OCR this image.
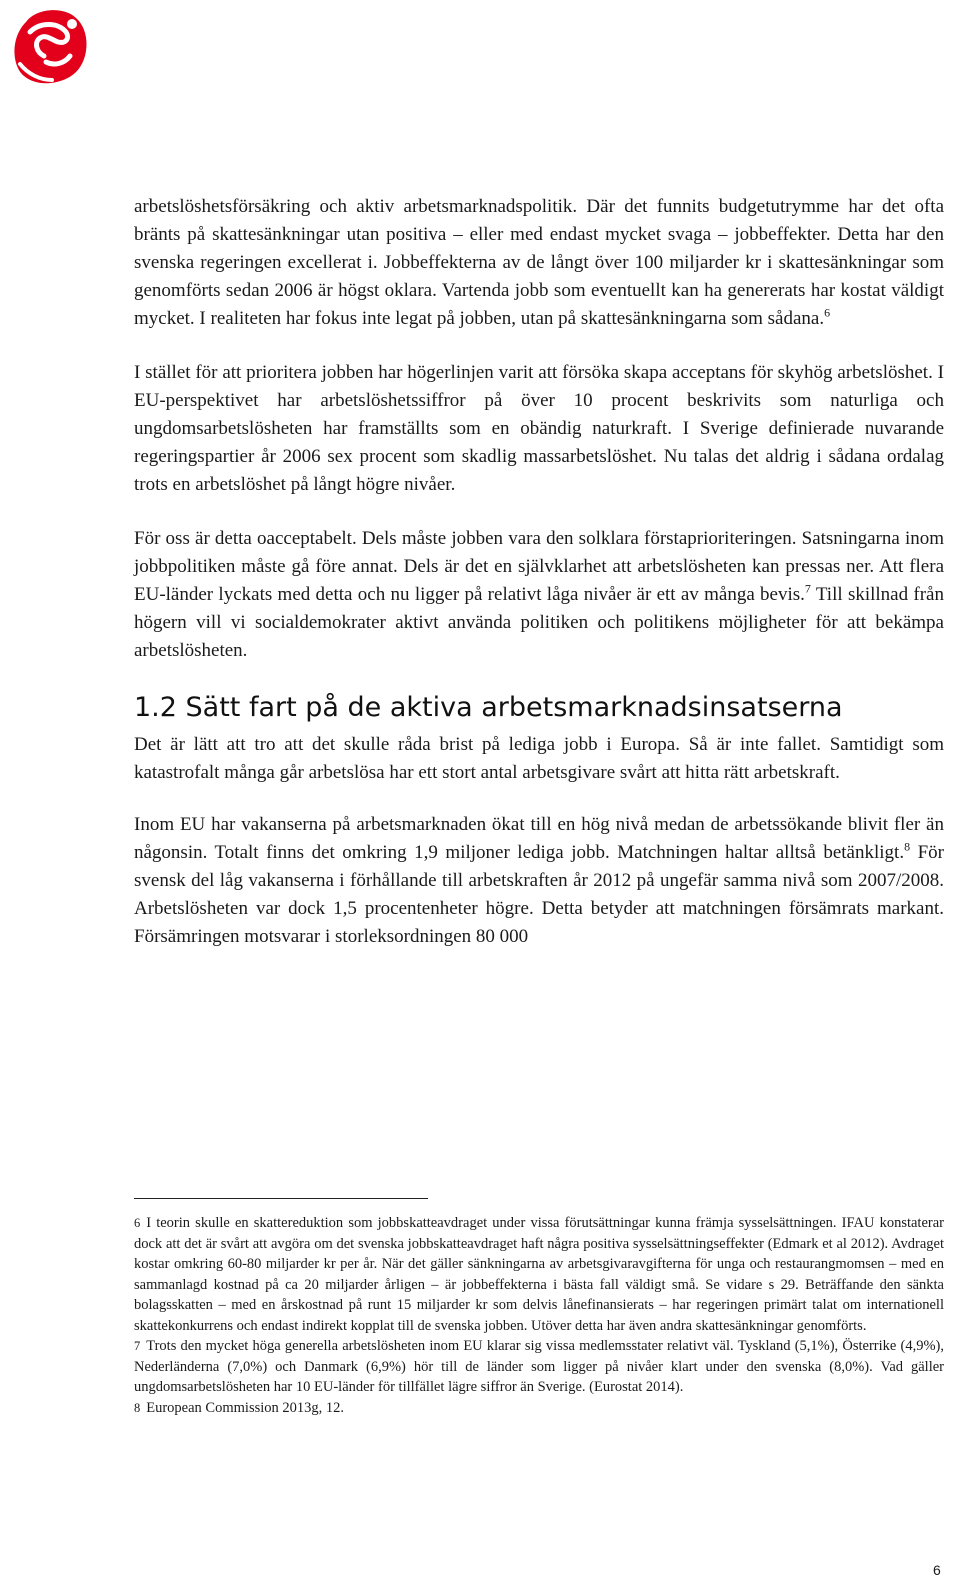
arbetslöshetsförsäkring och aktiv arbetsmarknadspolitik. Där det funnits budgetutrymme har det ofta bränts på skattesänkningar utan positiva – eller med endast mycket svaga – jobbeffekter. Detta har den svenska regeringen excellerat i. Jobbeffekterna av de långt över 100 miljarder kr i skattesänkningar som genomförts sedan 2006 är högst oklara. Vartenda jobb som eventuellt kan ha genererats har kostat väldigt mycket. I realiteten har fokus inte legat på jobben, utan på skattesänkningarna som sådana.$^6$

I stället för att prioritera jobben har högerlinjen varit att försöka skapa acceptans för skyhög arbetslöshet. I EU-perspektivet har arbetslöshetssiffror på över 10 procent beskrivits som naturliga och ungdomsarbetslösheten har framställts som en obändig naturkraft. I Sverige definierade nuvarande regeringspartier år 2006 sex procent som skadlig massarbetslöshet. Nu talas det aldrig i sådana ordalag trots en arbetslöshet på långt högre nivåer.

För oss är detta oacceptabelt. Dels måste jobben vara den solklara förstaprioriteringen. Satsningarna inom jobbpolitiken måste gå före annat. Dels är det en självklarhet att arbetslösheten kan pressas ner. Att flera EU-länder lyckats med detta och nu ligger på relativt låga nivåer är ett av många bevis.$^7$ Till skillnad från högern vill vi socialdemokrater aktivt använda politiken och politikens möjligheter för att bekämpa arbetslösheten.

1.2 Sätt fart på de aktiva arbetsmarknadsinsatserna

Det är lätt att tro att det skulle råda brist på lediga jobb i Europa. Så är inte fallet. Samtidigt som katastrofalt många går arbetslösa har ett stort antal arbetsgivare svårt att hitta rätt arbetskraft.

Inom EU har vakanserna på arbetsmarknaden ökat till en hög nivå medan de arbetssökande blivit fler än någonsin. Totalt finns det omkring 1,9 miljoner lediga jobb. Matchningen haltar alltså betänkligt.$^8$ För svensk del låg vakanserna i förhållande till arbetskraften år 2012 på ungefär samma nivå som 2007/2008. Arbetslösheten var dock 1,5 procentenheter högre. Detta betyder att matchningen försämrats markant. Försämringen motsvarar i storleksordningen 80 000

6 I teorin skulle en skattereduktion som jobbskatteavdraget under vissa förutsättningar kunna främja sysselsättningen. IFAU konstaterar dock att det är svårt att avgöra om det svenska jobbskatteavdraget haft några positiva sysselsättningseffekter (Edmark et al 2012). Avdraget kostar omkring 60-80 miljarder kr per år. När det gäller sänkningarna av arbetsgivaravgifterna för unga och restaurangmomsen – med en sammanlagd kostnad på ca 20 miljarder årligen – är jobbeffekterna i bästa fall väldigt små. Se vidare s 29. Beträffande den sänkta bolagsskatten – med en årskostnad på runt 15 miljarder kr som delvis lånefinansierats – har regeringen primärt talat om internationell skattekonkurrens och endast indirekt kopplat till de svenska jobben. Utöver detta har även andra skattesänkningar genomförts.

7 Trots den mycket höga generella arbetslösheten inom EU klarar sig vissa medlemsstater relativt väl. Tyskland (5,1%), Österrike (4,9%), Nederländerna (7,0%) och Danmark (6,9%) hör till de länder som ligger på nivåer klart under den svenska (8,0%). Vad gäller ungdomsarbetslösheten har 10 EU-länder för tillfället lägre siffror än Sverige. (Eurostat 2014).

8 European Commission 2013g, 12.

6
